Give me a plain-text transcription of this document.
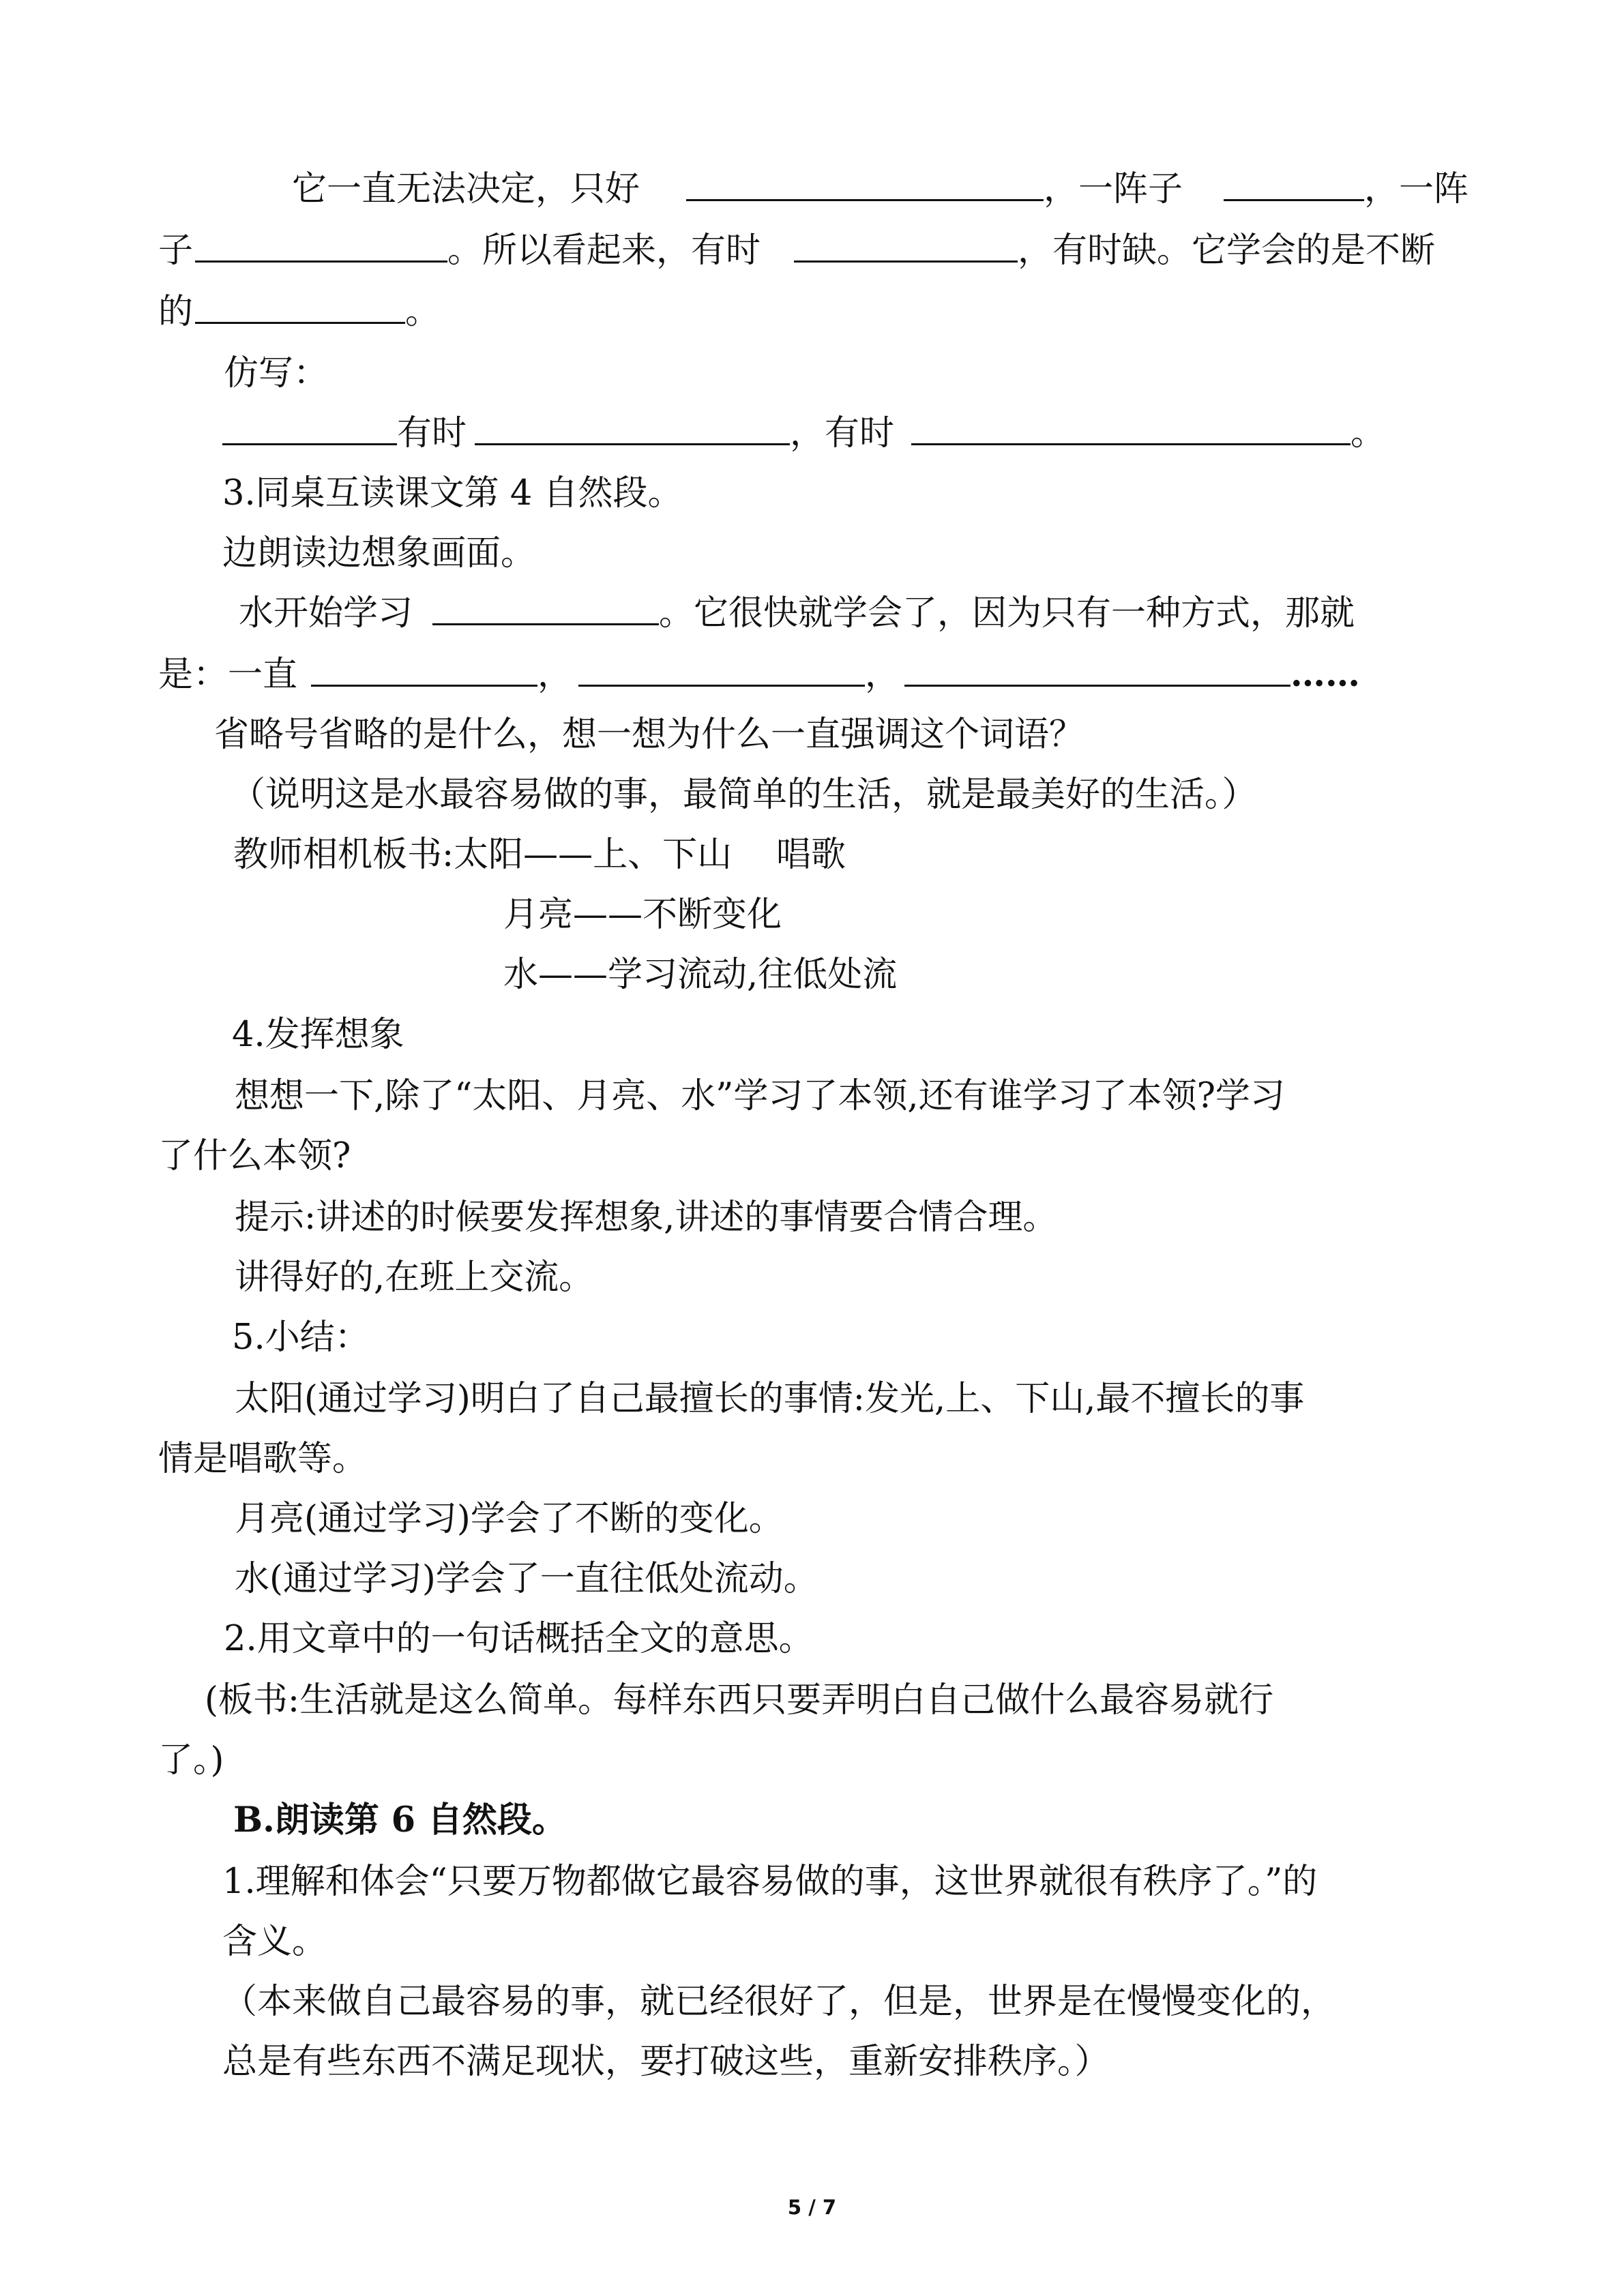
它一直无法决定，只好	，一阵子	，一阵
子	。所以看起来，有时	，有时缺。它学会的是不断
的	。
仿写：
有时	，有时	。
3.同桌互读课文第 4 自然段。
边朗读边想象画面。
水开始学习	。它很快就学会了，因为只有一种方式，那就
是：一直	，	，	……
省略号省略的是什么，想一想为什么一直强调这个词语？
（说明这是水最容易做的事，最简单的生活，就是最美好的生活。）
教师相机板书:太阳——上、下山    唱歌
月亮——不断变化
水——学习流动,往低处流
4.发挥想象
想想一下,除了“太阳、月亮、水”学习了本领,还有谁学习了本领?学习
了什么本领?
提示:讲述的时候要发挥想象,讲述的事情要合情合理。
讲得好的,在班上交流。
5.小结：
太阳(通过学习)明白了自己最擅长的事情:发光,上、下山,最不擅长的事
情是唱歌等。
月亮(通过学习)学会了不断的变化。
水(通过学习)学会了一直往低处流动。
2.用文章中的一句话概括全文的意思。
(板书:生活就是这么简单。每样东西只要弄明白自己做什么最容易就行
了。)
B.朗读第 6 自然段。
1.理解和体会“只要万物都做它最容易做的事，这世界就很有秩序了。”的
含义。
（本来做自己最容易的事，就已经很好了，但是，世界是在慢慢变化的，
总是有些东西不满足现状，要打破这些，重新安排秩序。）
5 / 7
